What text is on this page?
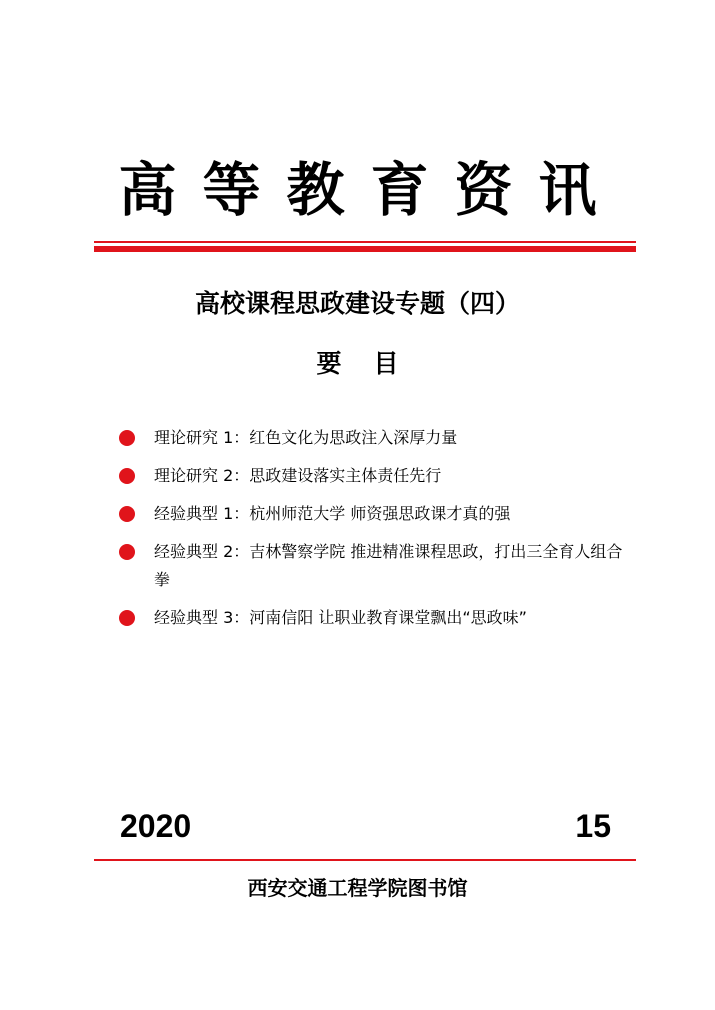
高等教育资讯
高校课程思政建设专题（四）
要 目
理论研究 1：红色文化为思政注入深厚力量
理论研究 2：思政建设落实主体责任先行
经验典型 1：杭州师范大学 师资强思政课才真的强
经验典型 2：吉林警察学院 推进精准课程思政，打出三全育人组合拳
经验典型 3：河南信阳 让职业教育课堂飘出“思政味”
2020	15
西安交通工程学院图书馆
